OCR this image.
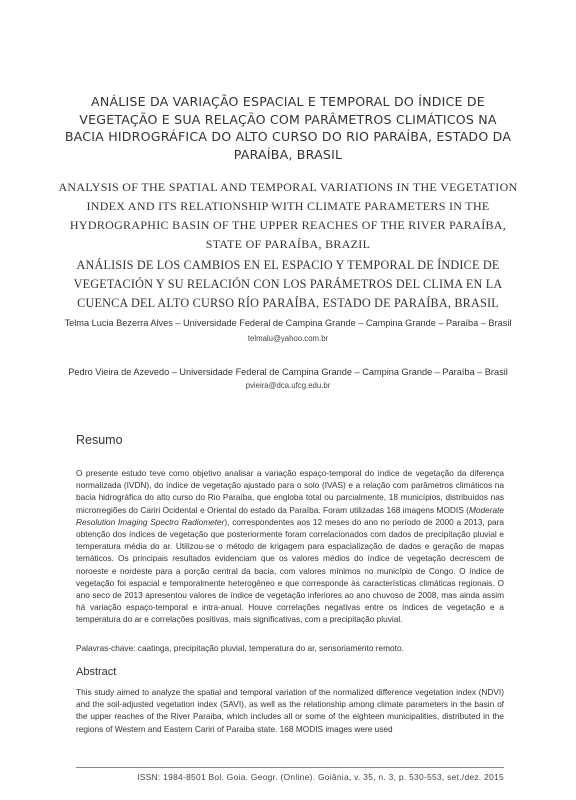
ANÁLISE DA VARIAÇÃO ESPACIAL E TEMPORAL DO ÍNDICE DE VEGETAÇÃO E SUA RELAÇÃO COM PARÂMETROS CLIMÁTICOS NA BACIA HIDROGRÁFICA DO ALTO CURSO DO RIO PARAÍBA, ESTADO DA PARAÍBA, BRASIL
ANALYSIS OF THE SPATIAL AND TEMPORAL VARIATIONS IN THE VEGETATION INDEX AND ITS RELATIONSHIP WITH CLIMATE PARAMETERS IN THE HYDROGRAPHIC BASIN OF THE UPPER REACHES OF THE RIVER PARAÍBA, STATE OF PARAÍBA, BRAZIL
ANÁLISIS DE LOS CAMBIOS EN EL ESPACIO Y TEMPORAL DE ÍNDICE DE VEGETACIÓN Y SU RELACIÓN CON LOS PARÁMETROS DEL CLIMA EN LA CUENCA DEL ALTO CURSO RÍO PARAÍBA, ESTADO DE PARAÍBA, BRASIL
Telma Lucia Bezerra Alves – Universidade Federal de Campina Grande – Campina Grande – Paraíba – Brasil
telmalu@yahoo.com.br
Pedro Vieira de Azevedo – Universidade Federal de Campina Grande – Campina Grande – Paraíba – Brasil
pvieira@dca.ufcg.edu.br
Resumo

O presente estudo teve como objetivo analisar a variação espaço-temporal do índice de vegetação da diferença normalizada (IVDN), do índice de vegetação ajustado para o solo (IVAS) e a relação com parâmetros climáticos na bacia hidrográfica do alto curso do Rio Paraíba, que engloba total ou parcialmente, 18 municípios, distribuídos nas microrregiões do Cariri Ocidental e Oriental do estado da Paraíba. Foram utilizadas 168 imagens MODIS (Moderate Resolution Imaging Spectro Radiometer), correspondentes aos 12 meses do ano no período de 2000 a 2013, para obtenção dos índices de vegetação que posteriormente foram correlacionados com dados de precipitação pluvial e temperatura média do ar. Utilizou-se o método de krigagem para espacialização de dados e geração de mapas temáticos. Os principais resultados evidenciam que os valores médios do índice de vegetação decrescem de noroeste e nordeste para a porção central da bacia, com valores mínimos no município de Congo. O índice de vegetação foi espacial e temporalmente heterogêneo e que corresponde às características climáticas regionais. O ano seco de 2013 apresentou valores de índice de vegetação inferiores ao ano chuvoso de 2008, mas ainda assim há variação espaço-temporal e intra-anual. Houve correlações negativas entre os índices de vegetação e a temperatura do ar e correlações positivas, mais significativas, com a precipitação pluvial.

Palavras-chave: caatinga, precipitação pluvial, temperatura do ar, sensoriamento remoto.
Abstract

This study aimed to analyze the spatial and temporal variation of the normalized difference vegetation index (NDVI) and the soil-adjusted vegetation index (SAVI), as well as the relationship among climate parameters in the basin of the upper reaches of the River Paraiba, which includes all or some of the eighteen municipalities, distributed in the regions of Western and Eastern Cariri of Paraiba state. 168 MODIS images were used

ISSN: 1984-8501 Bol. Goia. Geogr. (Online). Goiânia, v. 35, n. 3, p. 530-553, set./dez. 2015
